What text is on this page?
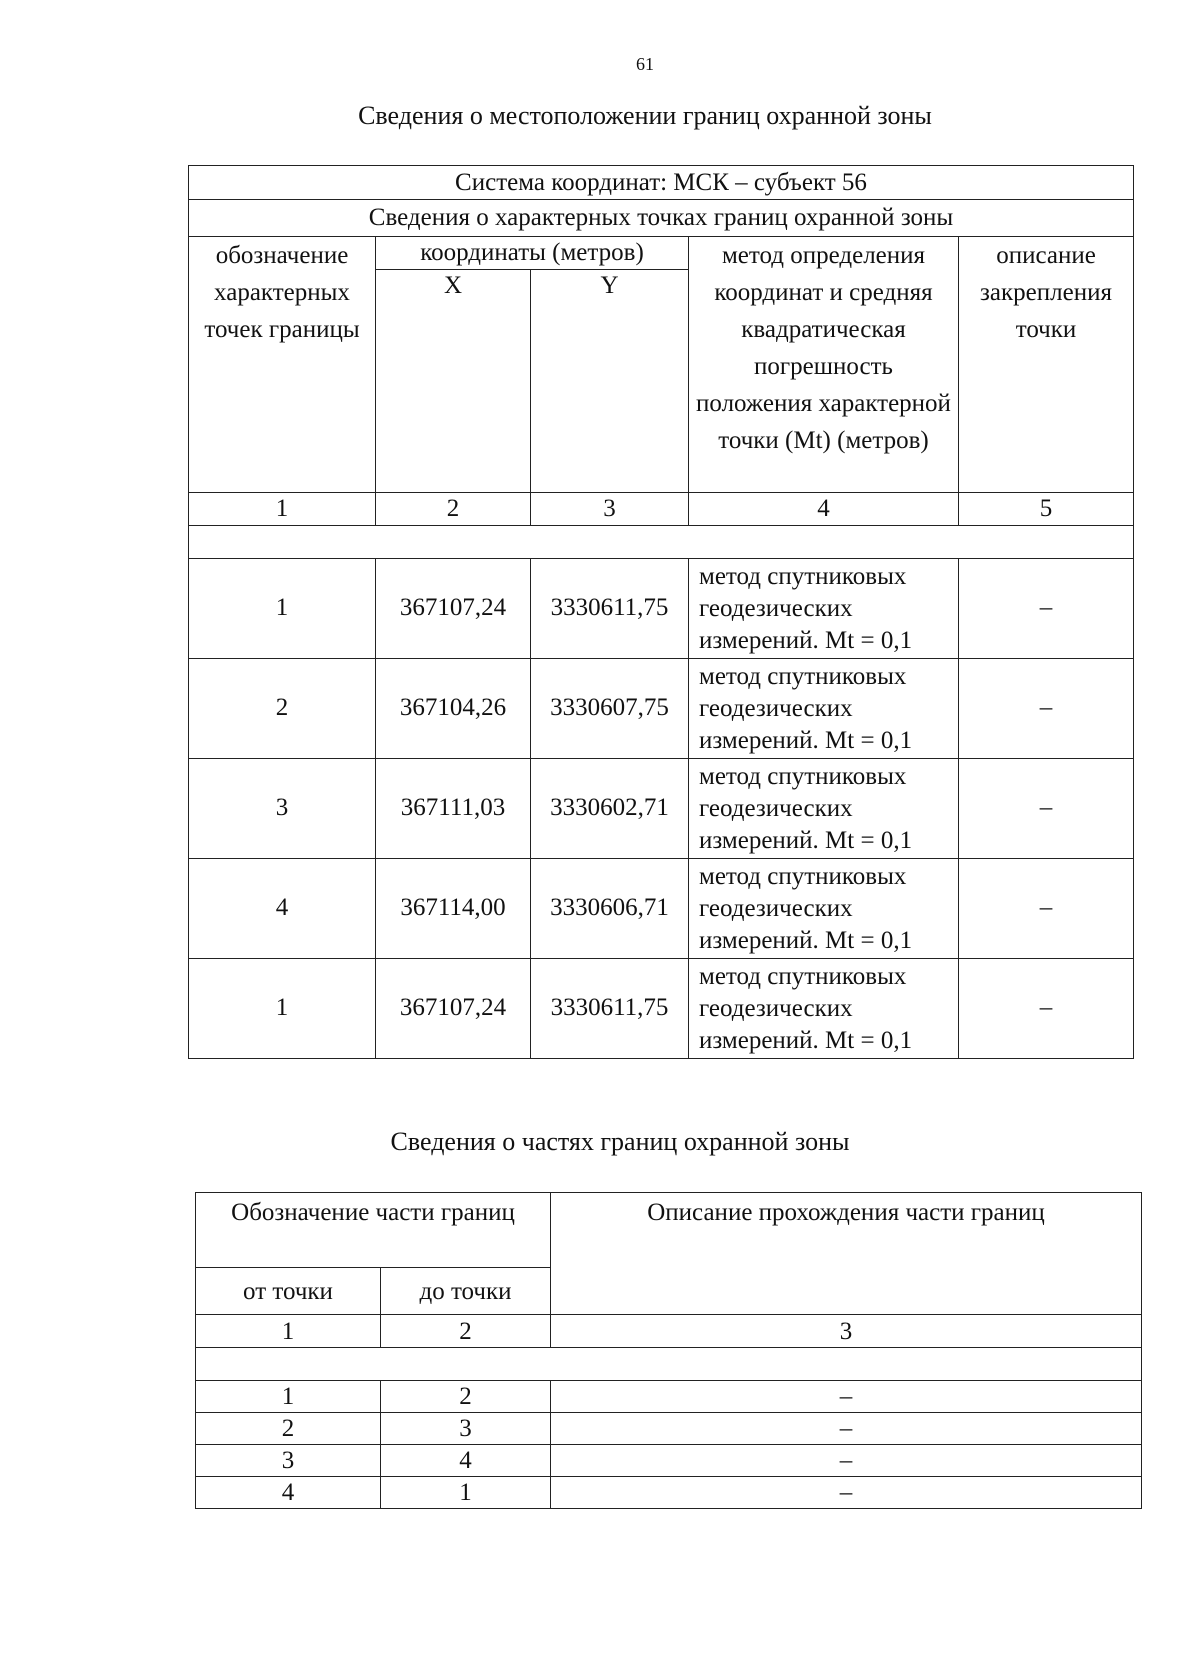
61
Сведения о местоположении границ охранной зоны
Система координат: МСК – субъект 56				
Сведения о характерных точках границ охранной зоны				
обозначение характерных точек границы	координаты (метров)		метод определения координат и средняя квадратическая погрешность положения характерной точки (Mt) (метров)	описание закрепления точки
	X	Y		
1	2	3	4	5

1	367107,24	3330611,75	метод спутниковых геодезических измерений. Mt = 0,1	–
2	367104,26	3330607,75	метод спутниковых геодезических измерений. Mt = 0,1	–
3	367111,03	3330602,71	метод спутниковых геодезических измерений. Mt = 0,1	–
4	367114,00	3330606,71	метод спутниковых геодезических измерений. Mt = 0,1	–
1	367107,24	3330611,75	метод спутниковых геодезических измерений. Mt = 0,1	–
Сведения о частях границ охранной зоны
Обозначение части границ		Описание прохождения части границ
от точки	до точки	
1	2	3

1	2	–
2	3	–
3	4	–
4	1	–
